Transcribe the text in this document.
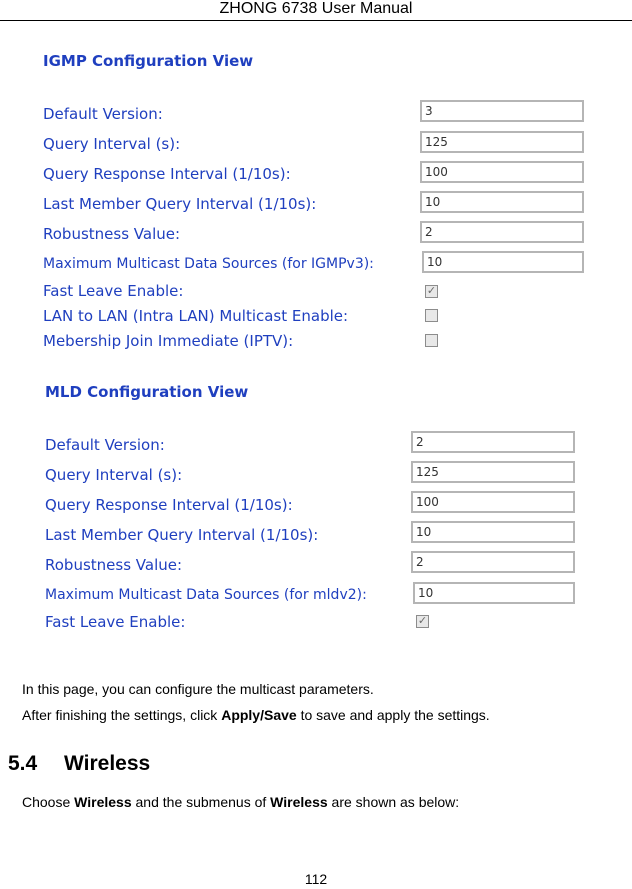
ZHONG 6738 User Manual
IGMP Configuration View
Default Version:	3
Query Interval (s):	125
Query Response Interval (1/10s):	100
Last Member Query Interval (1/10s):	10
Robustness Value:	2
Maximum Multicast Data Sources (for IGMPv3):	10
Fast Leave Enable:	✓
LAN to LAN (Intra LAN) Multicast Enable:
Mebership Join Immediate (IPTV):
MLD Configuration View
Default Version:	2
Query Interval (s):	125
Query Response Interval (1/10s):	100
Last Member Query Interval (1/10s):	10
Robustness Value:	2
Maximum Multicast Data Sources (for mldv2):	10
Fast Leave Enable:	✓
In this page, you can configure the multicast parameters.
After finishing the settings, click Apply/Save to save and apply the settings.
5.4 Wireless
Choose Wireless and the submenus of Wireless are shown as below:
112
